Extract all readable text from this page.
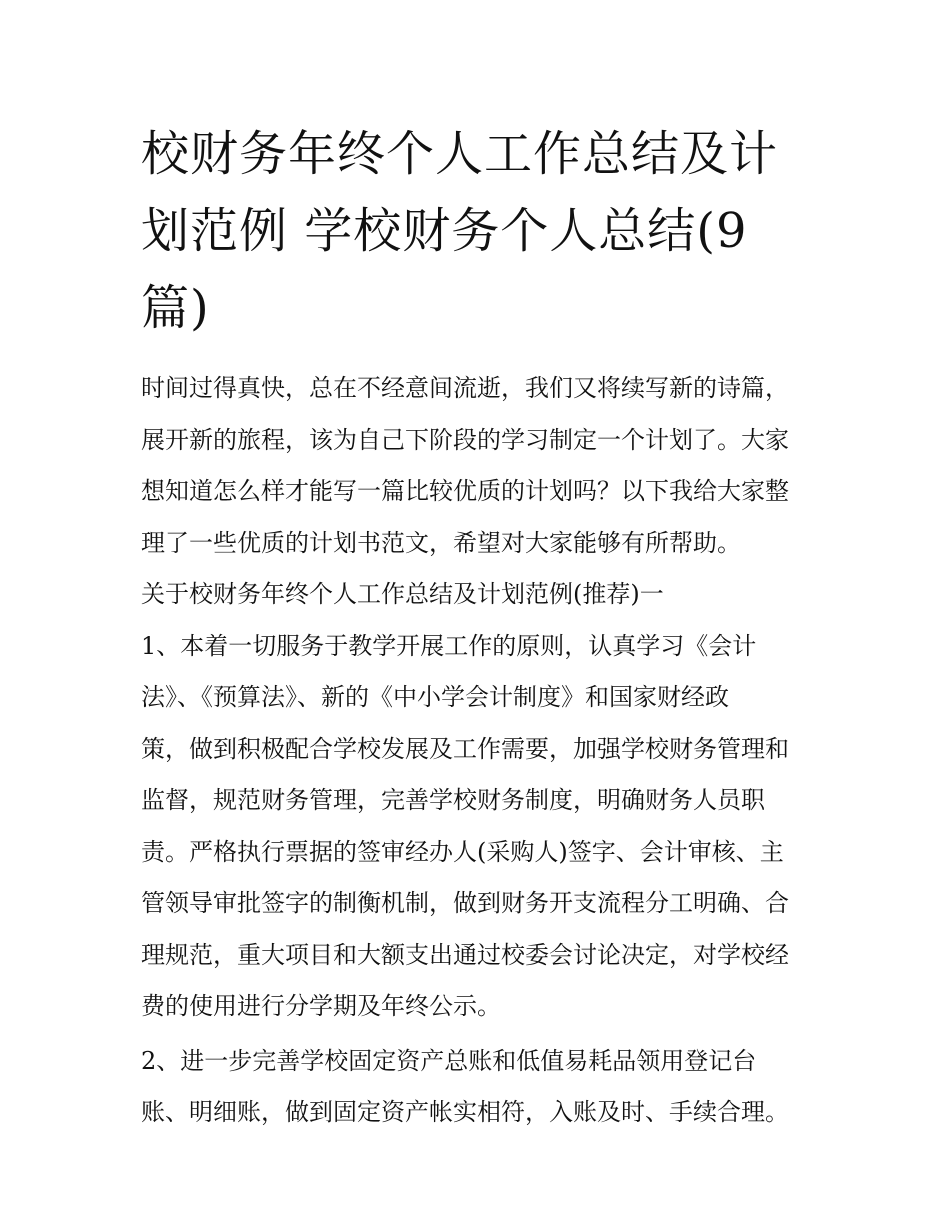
校财务年终个人工作总结及计
划范例 学校财务个人总结(9
篇)

时间过得真快，总在不经意间流逝，我们又将续写新的诗篇，
展开新的旅程，该为自己下阶段的学习制定一个计划了。大家
想知道怎么样才能写一篇比较优质的计划吗？以下我给大家整
理了一些优质的计划书范文，希望对大家能够有所帮助。

关于校财务年终个人工作总结及计划范例(推荐)一

1、本着一切服务于教学开展工作的原则，认真学习《会计
法》、《预算法》、新的《中小学会计制度》和国家财经政
策，做到积极配合学校发展及工作需要，加强学校财务管理和
监督，规范财务管理，完善学校财务制度，明确财务人员职
责。严格执行票据的签审经办人(采购人)签字、会计审核、主
管领导审批签字的制衡机制，做到财务开支流程分工明确、合
理规范，重大项目和大额支出通过校委会讨论决定，对学校经
费的使用进行分学期及年终公示。

2、进一步完善学校固定资产总账和低值易耗品领用登记台
账、明细账，做到固定资产帐实相符，入账及时、手续合理。
